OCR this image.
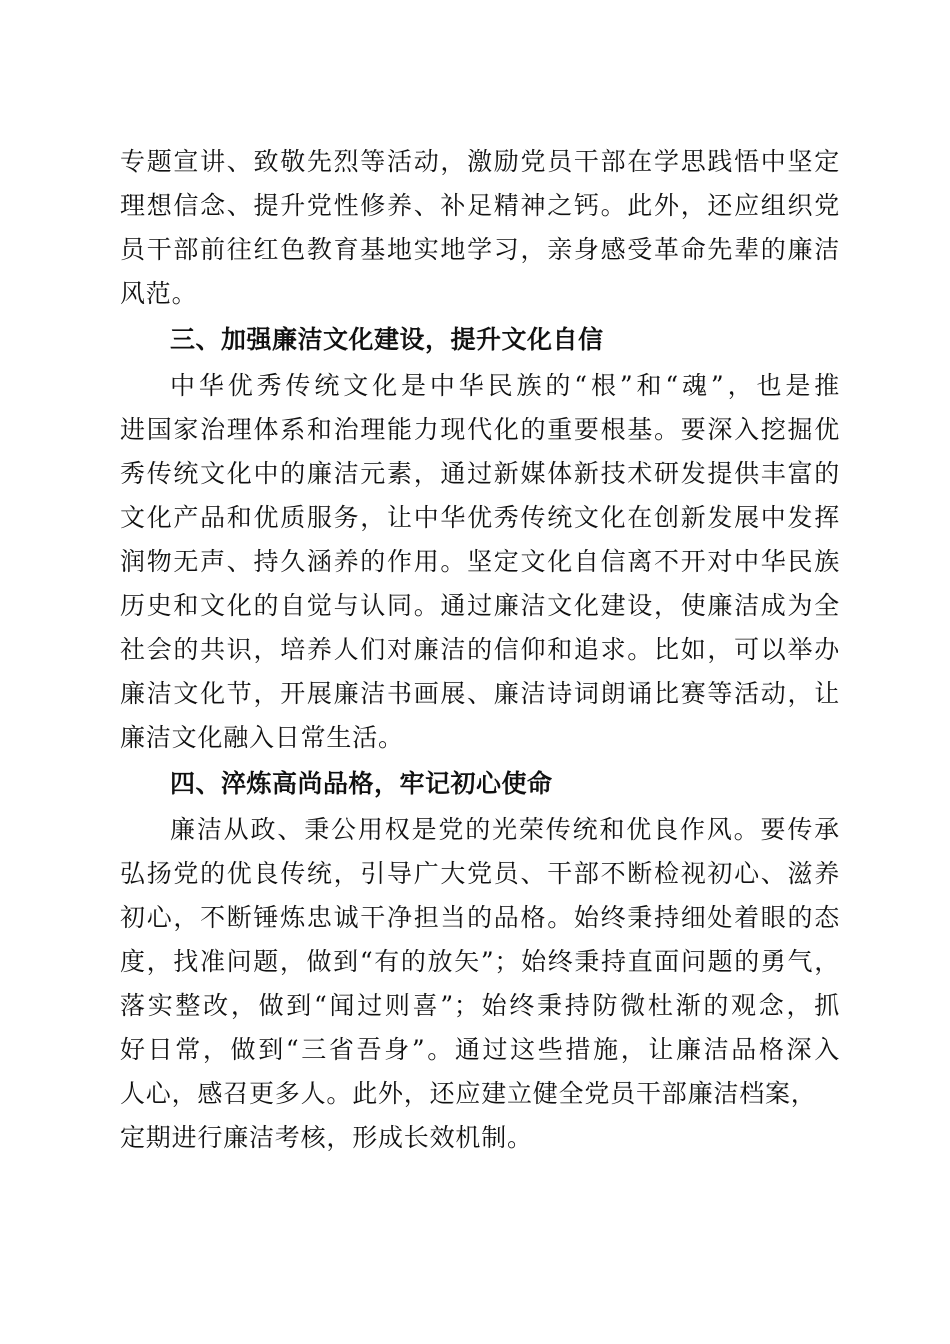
专题宣讲、致敬先烈等活动，激励党员干部在学思践悟中坚定
理想信念、提升党性修养、补足精神之钙。此外，还应组织党
员干部前往红色教育基地实地学习，亲身感受革命先辈的廉洁
风范。
三、加强廉洁文化建设，提升文化自信
中华优秀传统文化是中华民族的“根”和“魂”，也是推
进国家治理体系和治理能力现代化的重要根基。要深入挖掘优
秀传统文化中的廉洁元素，通过新媒体新技术研发提供丰富的
文化产品和优质服务，让中华优秀传统文化在创新发展中发挥
润物无声、持久涵养的作用。坚定文化自信离不开对中华民族
历史和文化的自觉与认同。通过廉洁文化建设，使廉洁成为全
社会的共识，培养人们对廉洁的信仰和追求。比如，可以举办
廉洁文化节，开展廉洁书画展、廉洁诗词朗诵比赛等活动，让
廉洁文化融入日常生活。
四、淬炼高尚品格，牢记初心使命
廉洁从政、秉公用权是党的光荣传统和优良作风。要传承
弘扬党的优良传统，引导广大党员、干部不断检视初心、滋养
初心，不断锤炼忠诚干净担当的品格。始终秉持细处着眼的态
度，找准问题，做到“有的放矢”；始终秉持直面问题的勇气，
落实整改，做到“闻过则喜”；始终秉持防微杜渐的观念，抓
好日常，做到“三省吾身”。通过这些措施，让廉洁品格深入
人心，感召更多人。此外，还应建立健全党员干部廉洁档案，
定期进行廉洁考核，形成长效机制。
